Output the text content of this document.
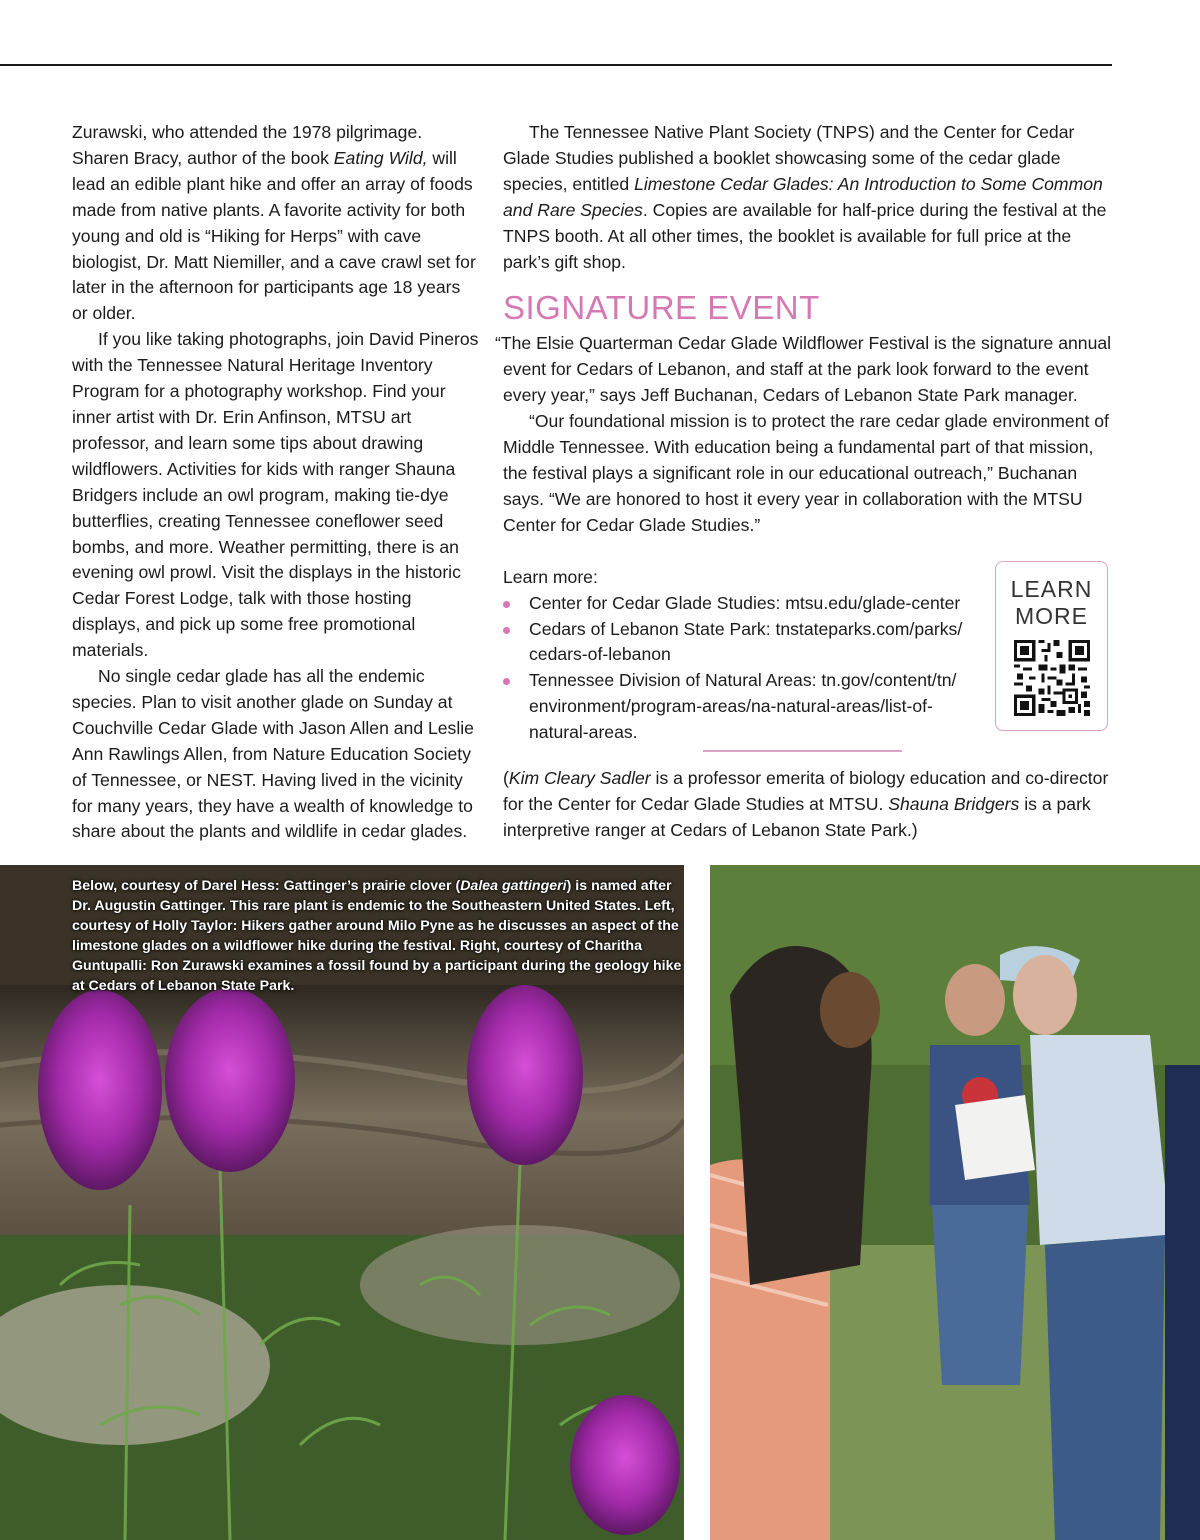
Zurawski, who attended the 1978 pilgrimage. Sharen Bracy, author of the book Eating Wild, will lead an edible plant hike and offer an array of foods made from native plants. A favorite activity for both young and old is “Hiking for Herps” with cave biologist, Dr. Matt Niemiller, and a cave crawl set for later in the afternoon for participants age 18 years or older.

If you like taking photographs, join David Pineros with the Tennessee Natural Heritage Inventory Program for a photography workshop. Find your inner artist with Dr. Erin Anfinson, MTSU art professor, and learn some tips about drawing wildflowers. Activities for kids with ranger Shauna Bridgers include an owl program, making tie-dye butterflies, creating Tennessee coneflower seed bombs, and more. Weather permitting, there is an evening owl prowl. Visit the displays in the historic Cedar Forest Lodge, talk with those hosting displays, and pick up some free promotional materials.

No single cedar glade has all the endemic species. Plan to visit another glade on Sunday at Couchville Cedar Glade with Jason Allen and Leslie Ann Rawlings Allen, from Nature Education Society of Tennessee, or NEST. Having lived in the vicinity for many years, they have a wealth of knowledge to share about the plants and wildlife in cedar glades.

The Tennessee Native Plant Society (TNPS) and the Center for Cedar Glade Studies published a booklet showcasing some of the cedar glade species, entitled Limestone Cedar Glades: An Introduction to Some Common and Rare Species. Copies are available for half-price during the festival at the TNPS booth. At all other times, the booklet is available for full price at the park’s gift shop.

SIGNATURE EVENT

“The Elsie Quarterman Cedar Glade Wildflower Festival is the signature annual event for Cedars of Lebanon, and staff at the park look forward to the event every year,” says Jeff Buchanan, Cedars of Lebanon State Park manager.

“Our foundational mission is to protect the rare cedar glade environment of Middle Tennessee. With education being a fundamental part of that mission, the festival plays a significant role in our educational outreach,” Buchanan says. “We are honored to host it every year in collaboration with the MTSU Center for Cedar Glade Studies.”

Learn more:

Center for Cedar Glade Studies: mtsu.edu/glade-center
Cedars of Lebanon State Park: tnstateparks.com/parks/ cedars-of-lebanon
Tennessee Division of Natural Areas: tn.gov/content/tn/ environment/program-areas/na-natural-areas/list-of-natural-areas.
LEARN
MORE

(Kim Cleary Sadler is a professor emerita of biology education and co-director for the Center for Cedar Glade Studies at MTSU. Shauna Bridgers is a park interpretive ranger at Cedars of Lebanon State Park.)

Below, courtesy of Darel Hess: Gattinger’s prairie clover (Dalea gattingeri) is named after Dr. Augustin Gattinger. This rare plant is endemic to the Southeastern United States. Left, courtesy of Holly Taylor: Hikers gather around Milo Pyne as he discusses an aspect of the limestone glades on a wildflower hike during the festival. Right, courtesy of Charitha Guntupalli: Ron Zurawski examines a fossil found by a participant during the geology hike at Cedars of Lebanon State Park.
